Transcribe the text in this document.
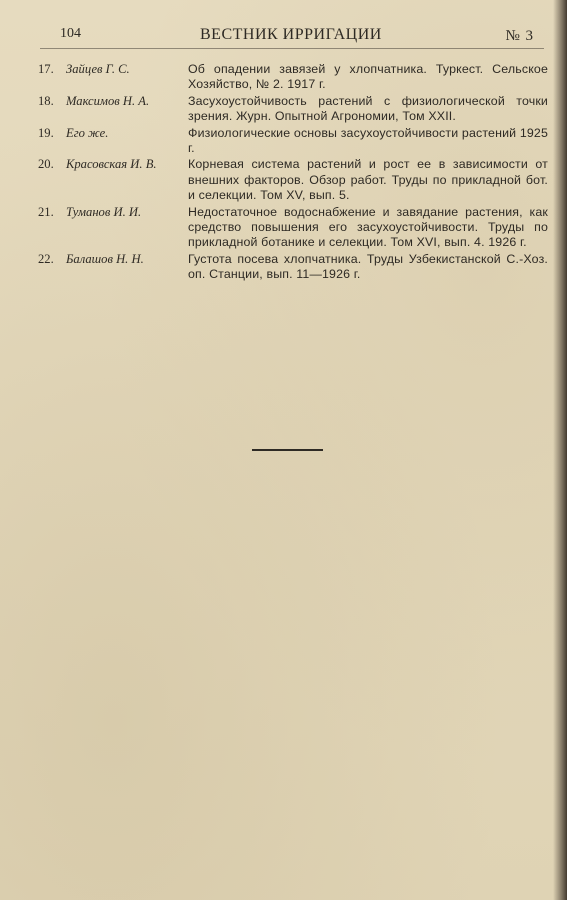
104	ВЕСТНИК ИРРИГАЦИИ	№ 3
17. Зайцев Г. С.	Об опадении завязей у хлопчатника. Туркест. Сельское Хозяйство, № 2. 1917 г.
18. Максимов Н. А.	Засухоустойчивость растений с физиологической точки зрения. Журн. Опытной Агрономии, Том XXII.
19. Его же.	Физиологические основы засухоустойчивости растений 1925 г.
20. Красовская И. В.	Корневая система растений и рост ее в зависимости от внешних факторов. Обзор работ. Труды по прикладной бот. и селекции. Том XV, вып. 5.
21. Туманов И. И.	Недостаточное водоснабжение и завядание растения, как средство повышения его засухоустойчивости. Труды по прикладной ботанике и селекции. Том XVI, вып. 4. 1926 г.
22. Балашов Н. Н.	Густота посева хлопчатника. Труды Узбекистанской С.-Хоз. оп. Станции, вып. 11—1926 г.
